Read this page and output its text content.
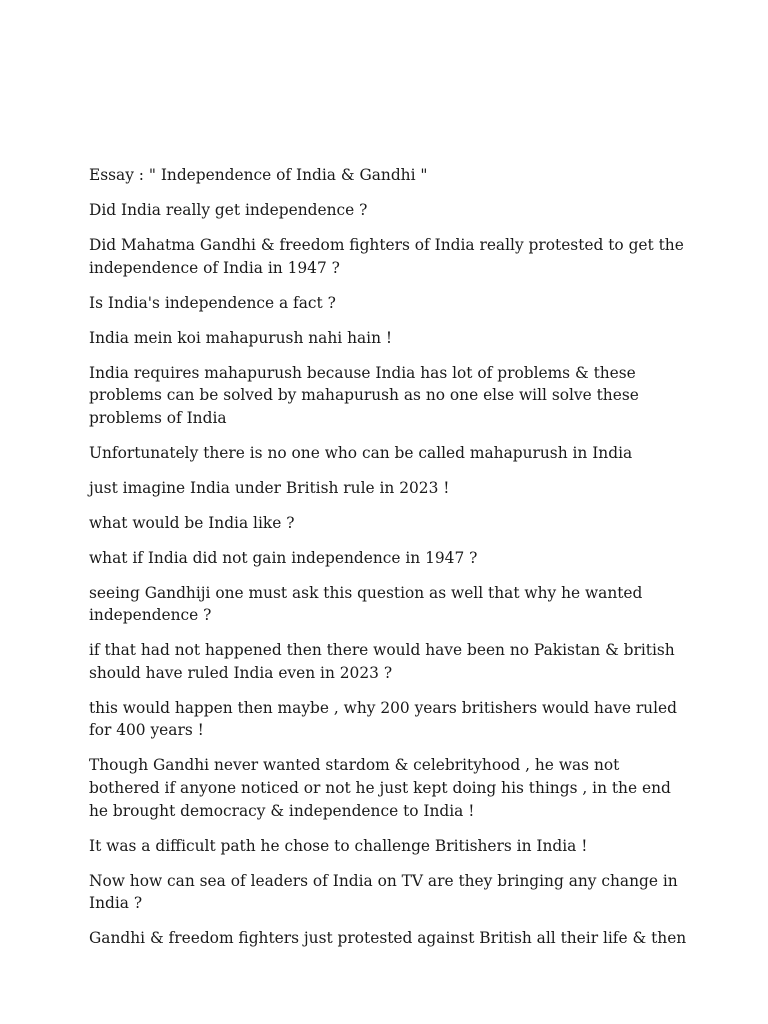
Essay : " Independence of India & Gandhi "

Did India really get independence ?

Did Mahatma Gandhi & freedom fighters of India really protested to get the independence of India in 1947 ?

Is India's independence a fact ?

India mein koi mahapurush nahi hain !

India requires mahapurush because India has lot of problems & these problems can be solved by mahapurush as no one else will solve these problems of India

Unfortunately there is no one who can be called mahapurush in India

just imagine India under British rule in 2023 !

what would be India like ?

what if India did not gain independence in 1947 ?

seeing Gandhiji one must ask this question as well that why he wanted independence ?

if that had not happened then there would have been no Pakistan & british should have ruled India even in 2023 ?

this would happen then maybe , why 200 years britishers would have ruled for 400 years !

Though Gandhi never wanted stardom & celebrityhood , he was not bothered if anyone noticed or not he just kept doing his things , in the end he brought democracy & independence to India !

It was a difficult path he chose to challenge Britishers in India !

Now how can sea of leaders of India on TV are they bringing any change in India ?

Gandhi & freedom fighters just protested against British all their life & then
